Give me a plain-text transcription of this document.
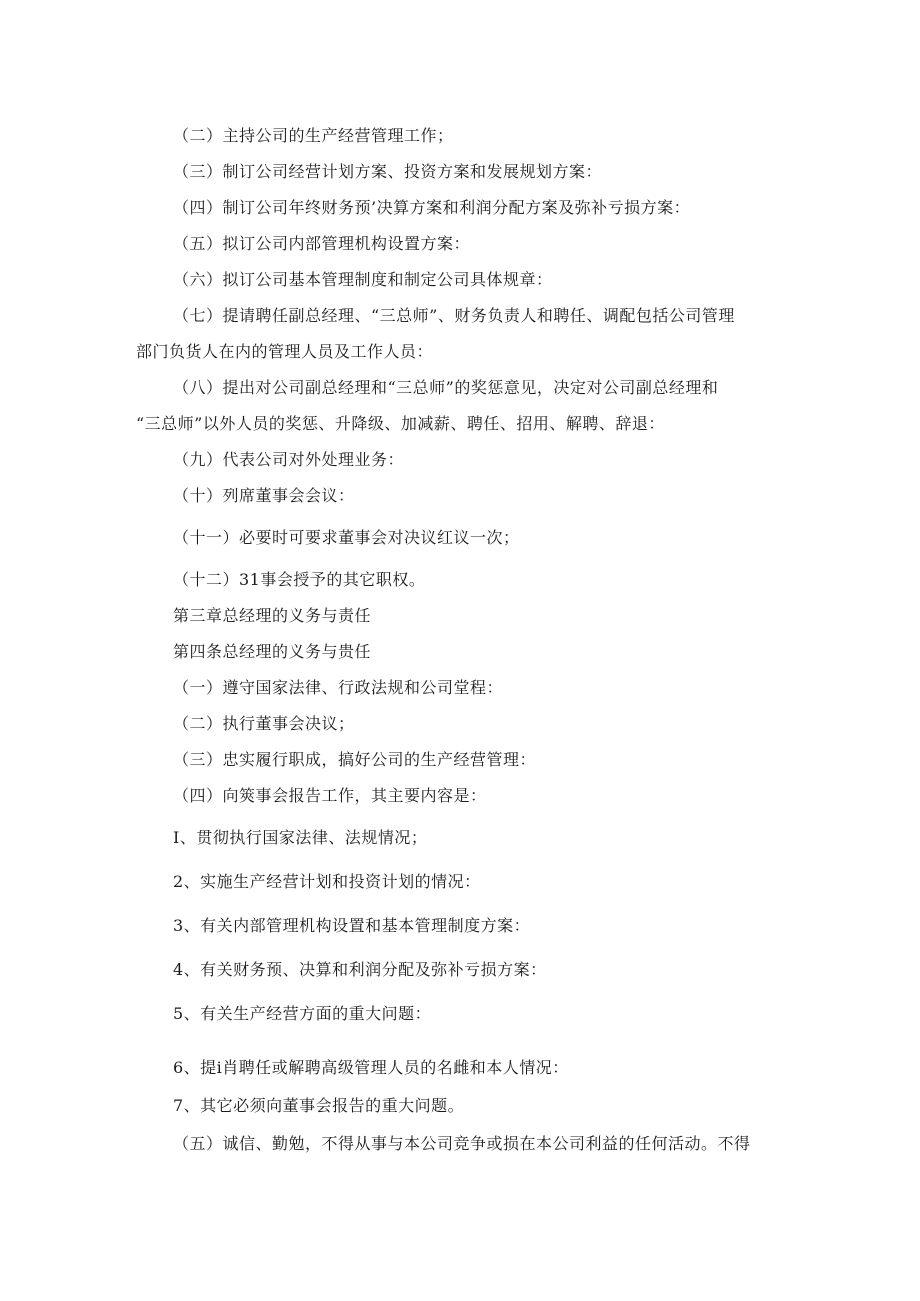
（二）主持公司的生产经营管理工作；
（三）制订公司经营计划方案、投资方案和发展规划方案：
（四）制订公司年终财务预’决算方案和利润分配方案及弥补亏损方案：
（五）拟订公司内部管理机构设置方案：
（六）拟订公司基本管理制度和制定公司具体规章：
（七）提请聘任副总经理、“三总师”、财务负责人和聘任、调配包括公司管理
部门负货人在内的管理人员及工作人员：
（八）提出对公司副总经理和“三总师”的奖惩意见，决定对公司副总经理和
“三总师”以外人员的奖惩、升降级、加减薪、聘任、招用、解聘、辞退：
（九）代表公司对外处理业务：
（十）列席董事会会议：
（十一）必要时可要求董事会对决议红议一次；
（十二）31事会授予的其它职权。
第三章总经理的义务与责任
第四条总经理的义务与贵任
（一）遵守国家法律、行政法规和公司堂程：
（二）执行董事会决议；
（三）忠实履行职成，搞好公司的生产经营管理：
（四）向筴事会报告工作，其主要内容是：
I、贯彻执行国家法律、法规情况；
2、实施生产经营计划和投资计划的情况：
3、有关内部管理机构设置和基本管理制度方案：
4、有关财务预、决算和利润分配及弥补亏损方案：
5、有关生产经营方面的重大问题：
6、提i肖聘任或解聘高级管理人员的名雌和本人情况：
7、其它必须向董事会报告的重大问题。
（五）诚信、勤勉，不得从事与本公司竞争或损在本公司利益的任何活动。不得
